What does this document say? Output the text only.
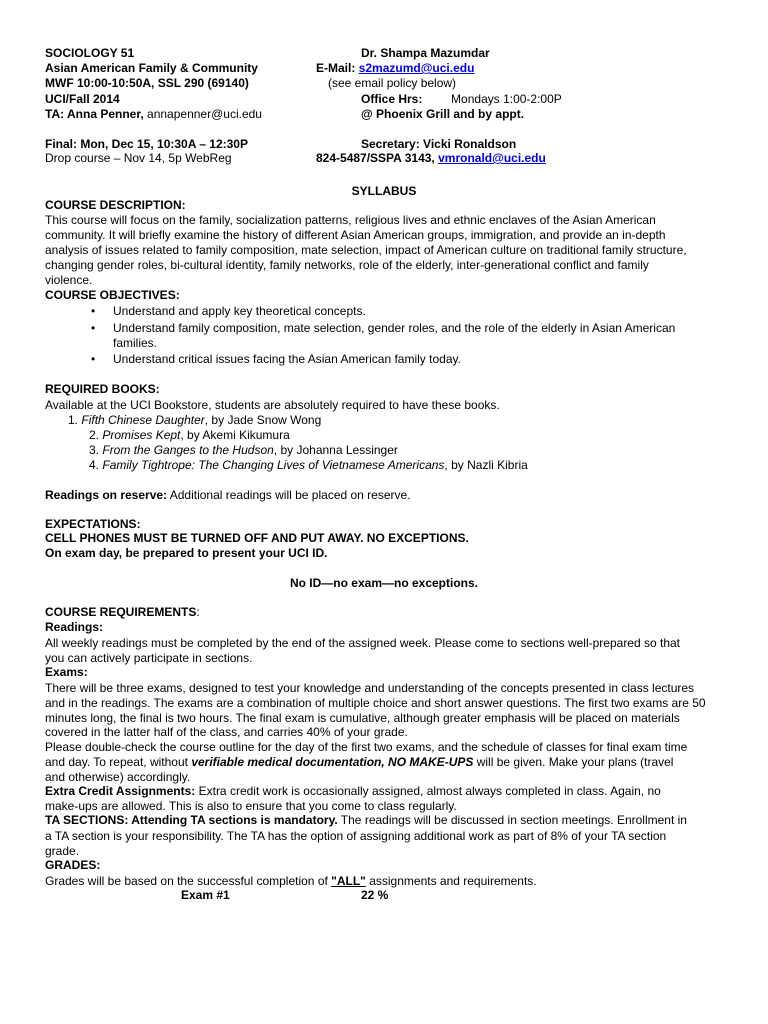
SOCIOLOGY 51
Asian American Family & Community
MWF 10:00-10:50A, SSL 290 (69140)
UCI/Fall 2014
TA: Anna Penner, annapenner@uci.edu
Final: Mon, Dec 15, 10:30A – 12:30P
Drop course – Nov 14, 5p WebReg
Dr. Shampa Mazumdar
E-Mail: s2mazumd@uci.edu
(see email policy below)
Office Hrs: Mondays 1:00-2:00P
@ Phoenix Grill and by appt.
Secretary: Vicki Ronaldson
824-5487/SSPA 3143, vmronald@uci.edu
SYLLABUS
COURSE DESCRIPTION:
This course will focus on the family, socialization patterns, religious lives and ethnic enclaves of the Asian American
community. It will briefly examine the history of different Asian American groups, immigration, and provide an in-depth
analysis of issues related to family composition, mate selection, impact of American culture on traditional family structure,
changing gender roles, bi-cultural identity, family networks, role of the elderly, inter-generational conflict and family
violence.
COURSE OBJECTIVES:
• Understand and apply key theoretical concepts.
• Understand family composition, mate selection, gender roles, and the role of the elderly in Asian American
families.
• Understand critical issues facing the Asian American family today.
REQUIRED BOOKS:
Available at the UCI Bookstore, students are absolutely required to have these books.
1. Fifth Chinese Daughter, by Jade Snow Wong
2. Promises Kept, by Akemi Kikumura
3. From the Ganges to the Hudson, by Johanna Lessinger
4. Family Tightrope: The Changing Lives of Vietnamese Americans, by Nazli Kibria
Readings on reserve: Additional readings will be placed on reserve.
EXPECTATIONS:
CELL PHONES MUST BE TURNED OFF AND PUT AWAY. NO EXCEPTIONS.
On exam day, be prepared to present your UCI ID.
No ID—no exam—no exceptions.
COURSE REQUIREMENTS:
Readings:
All weekly readings must be completed by the end of the assigned week. Please come to sections well-prepared so that
you can actively participate in sections.
Exams:
There will be three exams, designed to test your knowledge and understanding of the concepts presented in class lectures
and in the readings. The exams are a combination of multiple choice and short answer questions. The first two exams are 50
minutes long, the final is two hours. The final exam is cumulative, although greater emphasis will be placed on materials
covered in the latter half of the class, and carries 40% of your grade.
Please double-check the course outline for the day of the first two exams, and the schedule of classes for final exam time
and day. To repeat, without verifiable medical documentation, NO MAKE-UPS will be given. Make your plans (travel
and otherwise) accordingly.
Extra Credit Assignments: Extra credit work is occasionally assigned, almost always completed in class. Again, no
make-ups are allowed. This is also to ensure that you come to class regularly.
TA SECTIONS: Attending TA sections is mandatory. The readings will be discussed in section meetings. Enrollment in
a TA section is your responsibility. The TA has the option of assigning additional work as part of 8% of your TA section
grade.
GRADES:
Grades will be based on the successful completion of "ALL" assignments and requirements.
Exam #1	22 %
